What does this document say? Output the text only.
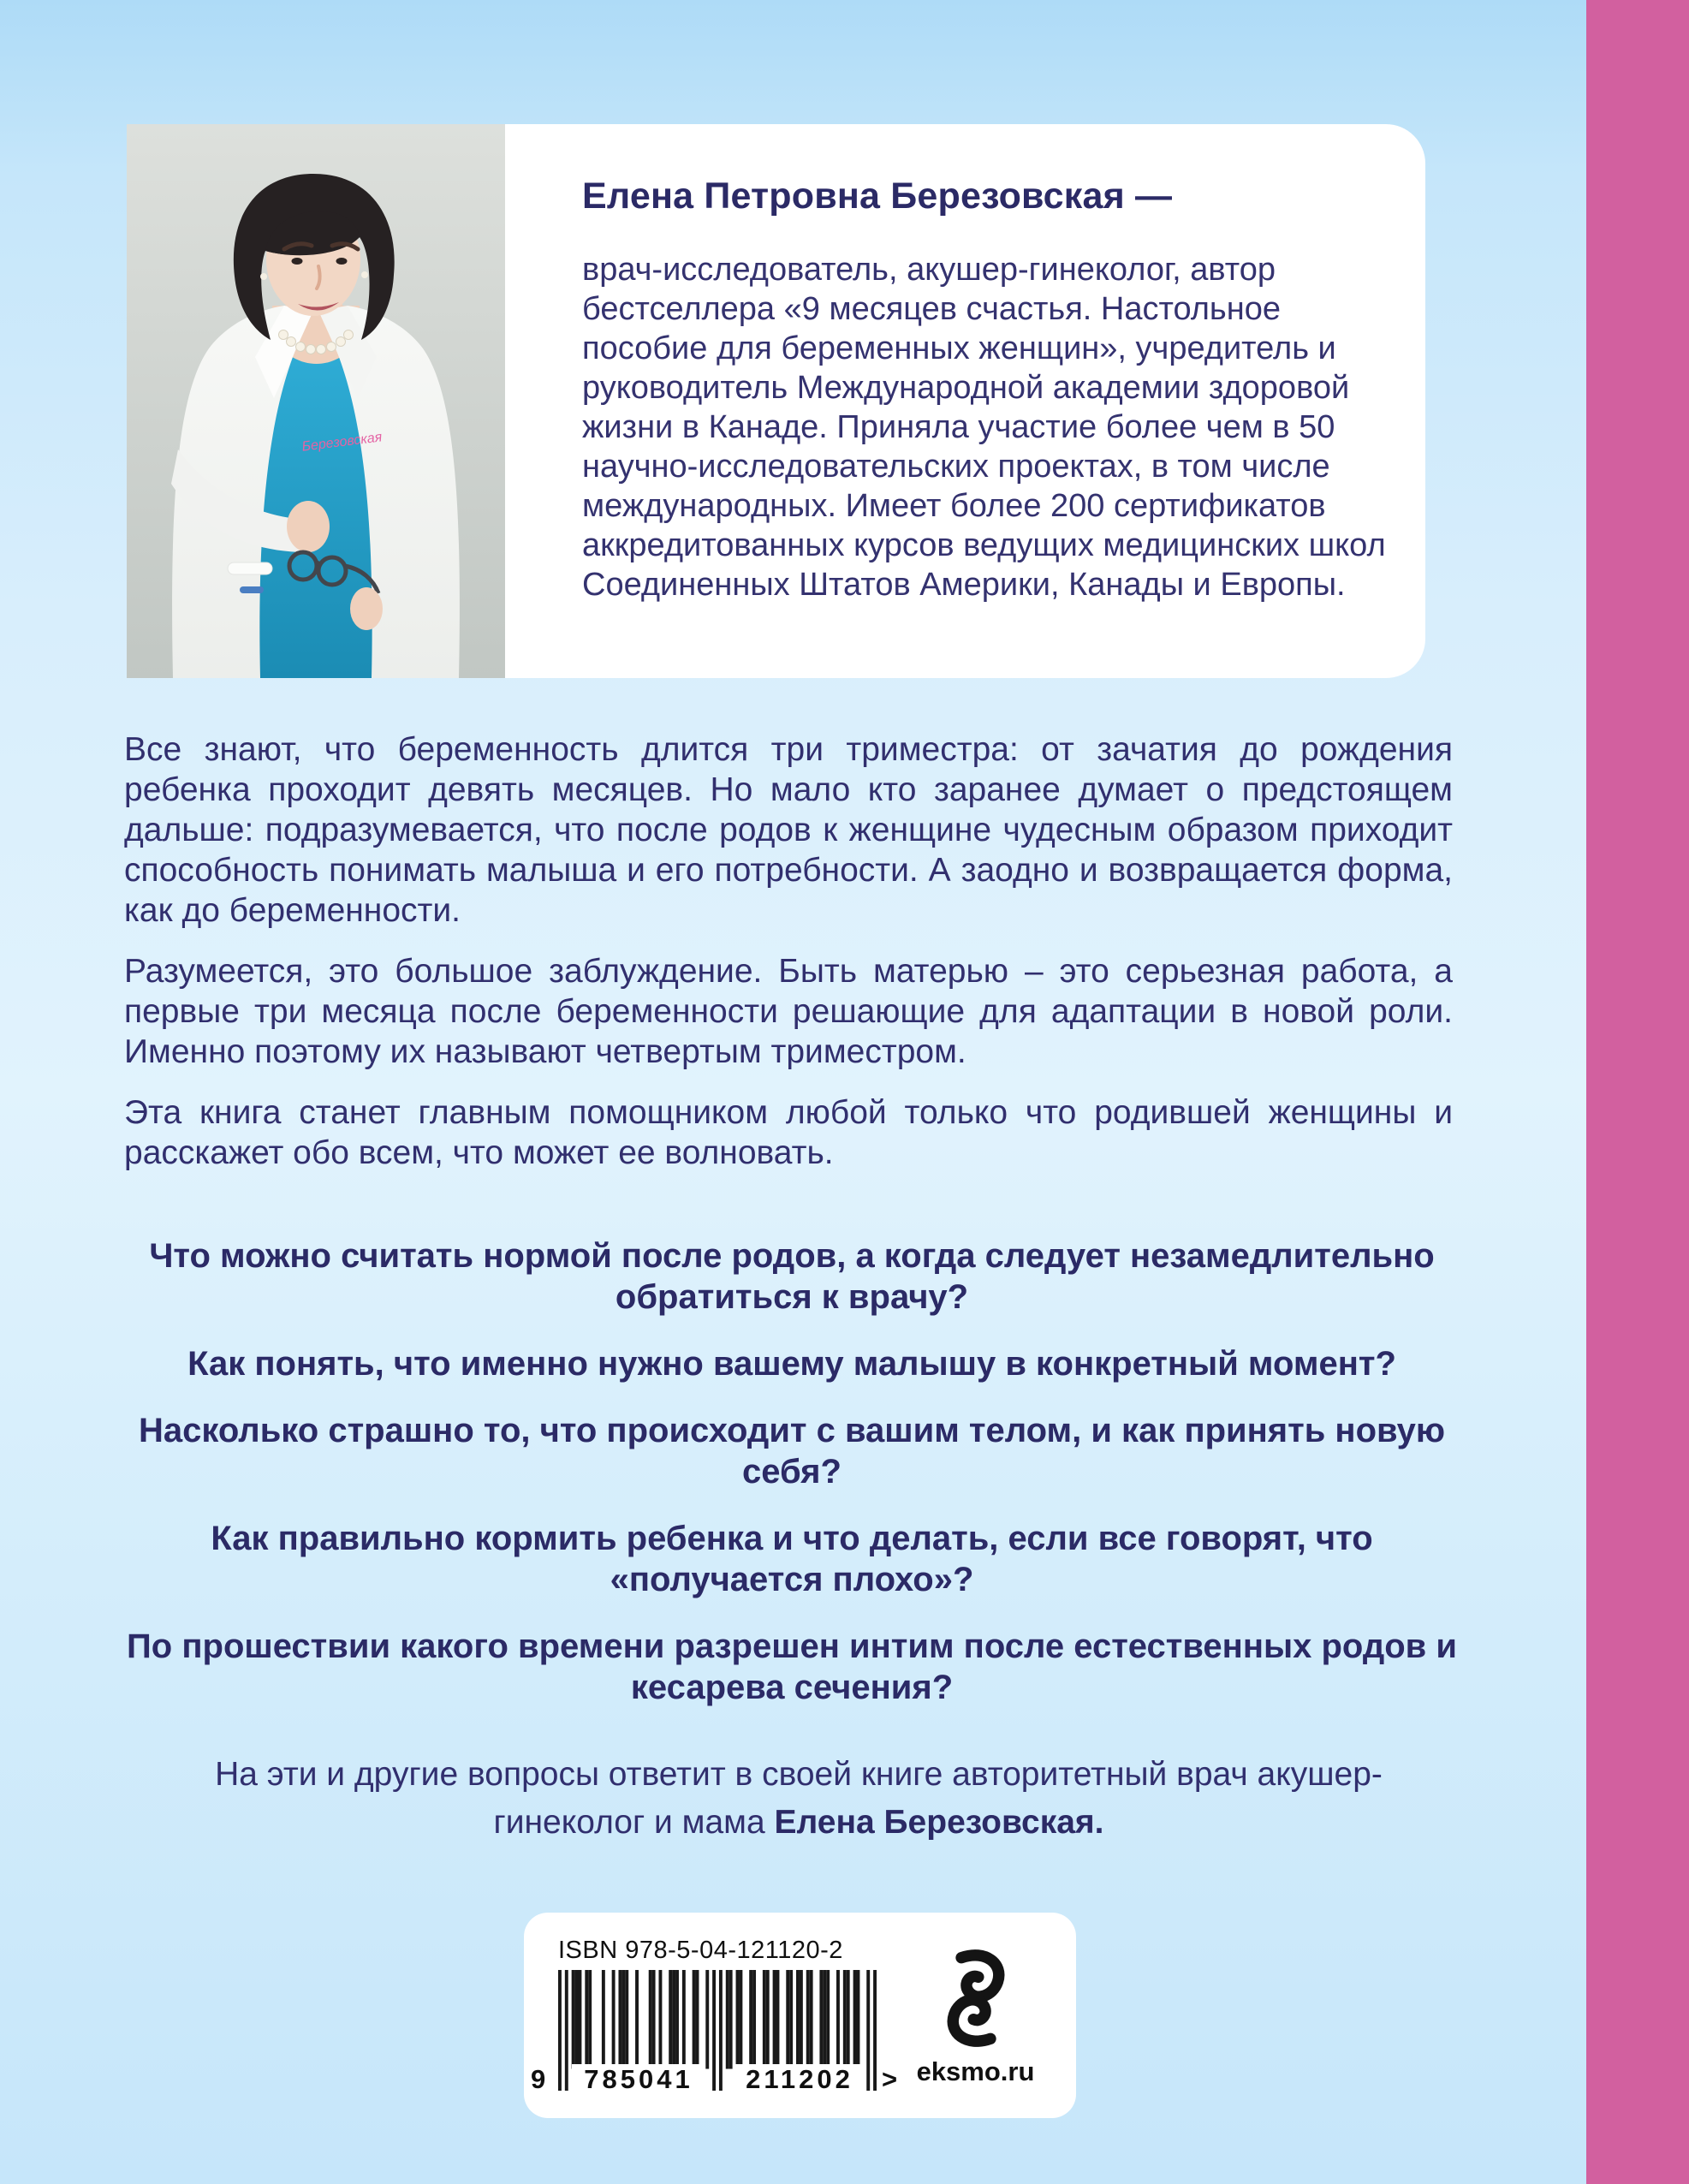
Березовская
Елена Петровна Березовская —

врач-исследователь, акушер-гинеколог, автор бестселлера «9 месяцев счастья. Настольное пособие для беременных женщин», учредитель и руководитель Международной академии здоровой жизни в Канаде. Приняла участие более чем в 50 научно-исследовательских проектах, в том числе международных. Имеет более 200 сертификатов аккредитованных курсов ведущих медицинских школ Соединенных Штатов Америки, Канады и Европы.

Все знают, что беременность длится три триместра: от зачатия до рождения ребенка проходит девять месяцев. Но мало кто заранее думает о предстоящем дальше: подразумевается, что после родов к женщине чудесным образом приходит способность понимать малыша и его потребности. А заодно и возвращается форма, как до беременности.

Разумеется, это большое заблуждение. Быть матерью – это серьезная работа, а первые три месяца после беременности решающие для адаптации в новой роли. Именно поэтому их называют четвертым триместром.

Эта книга станет главным помощником любой только что родившей женщины и расскажет обо всем, что может ее волновать.

Что можно считать нормой после родов, а когда следует незамедлительно обратиться к врачу?

Как понять, что именно нужно вашему малышу в конкретный момент?

Насколько страшно то, что происходит с вашим телом, и как принять новую себя?

Как правильно кормить ребенка и что делать, если все говорят, что «получается плохо»?

По прошествии какого времени разрешен интим после естественных родов и кесарева сечения?

На эти и другие вопросы ответит в своей книге авторитетный врач акушер-гинеколог и мама Елена Березовская.

ISBN 978-5-04-121120-2

9	785041	211202	> eksmo.ru
